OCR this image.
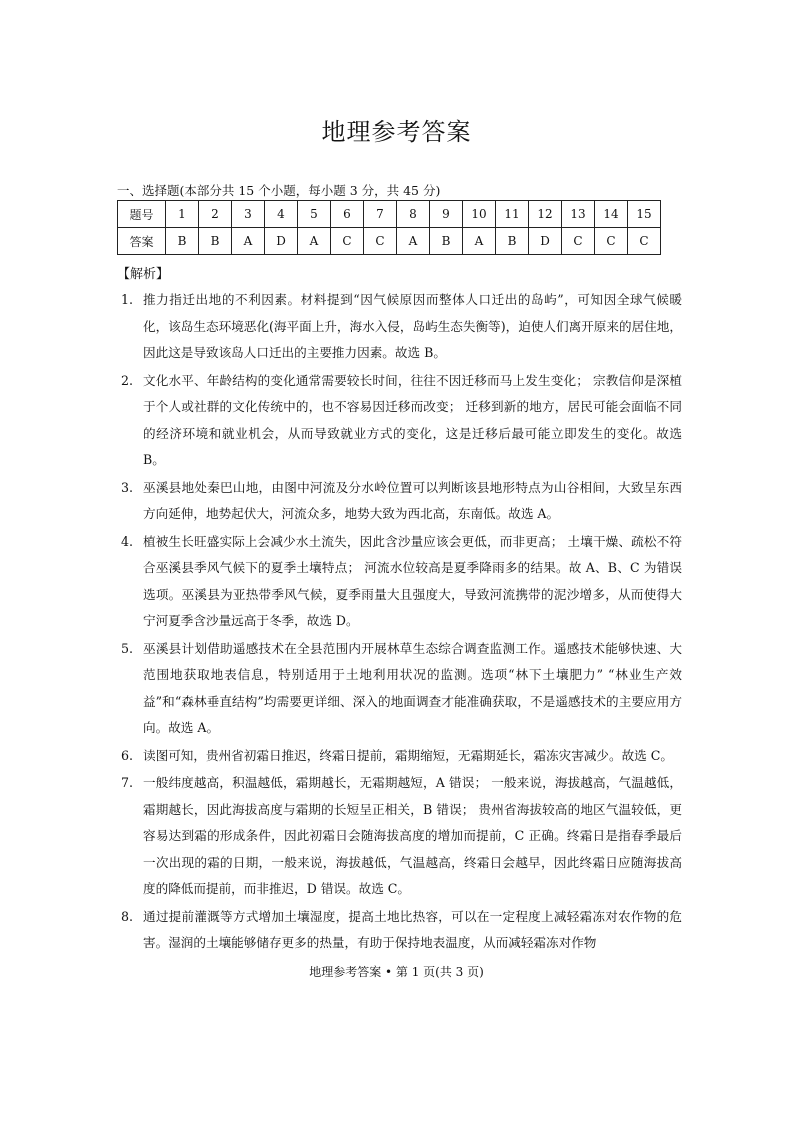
地理参考答案
一、选择题(本部分共 15 个小题，每小题 3 分，共 45 分)
题号	1	2	3	4	5	6	7	8	9	10	11	12	13	14	15
答案	B	B	A	D	A	C	C	A	B	A	B	D	C	C	C
【解析】
1. 推力指迁出地的不利因素。材料提到“因气候原因而整体人口迁出的岛屿”，可知因全球气候暖化，该岛生态环境恶化(海平面上升，海水入侵，岛屿生态失衡等)，迫使人们离开原来的居住地，因此这是导致该岛人口迁出的主要推力因素。故选 B。
2. 文化水平、年龄结构的变化通常需要较长时间，往往不因迁移而马上发生变化； 宗教信仰是深植于个人或社群的文化传统中的，也不容易因迁移而改变； 迁移到新的地方，居民可能会面临不同的经济环境和就业机会，从而导致就业方式的变化，这是迁移后最可能立即发生的变化。故选 B。
3. 巫溪县地处秦巴山地，由图中河流及分水岭位置可以判断该县地形特点为山谷相间，大致呈东西方向延伸，地势起伏大，河流众多，地势大致为西北高，东南低。故选 A。
4. 植被生长旺盛实际上会减少水土流失，因此含沙量应该会更低，而非更高； 土壤干燥、疏松不符合巫溪县季风气候下的夏季土壤特点； 河流水位较高是夏季降雨多的结果。故 A、B、C 为错误选项。巫溪县为亚热带季风气候，夏季雨量大且强度大，导致河流携带的泥沙增多，从而使得大宁河夏季含沙量远高于冬季，故选 D。
5. 巫溪县计划借助遥感技术在全县范围内开展林草生态综合调查监测工作。遥感技术能够快速、大范围地获取地表信息，特别适用于土地利用状况的监测。选项“林下土壤肥力” “林业生产效益”和“森林垂直结构”均需要更详细、深入的地面调查才能准确获取，不是遥感技术的主要应用方向。故选 A。
6. 读图可知，贵州省初霜日推迟，终霜日提前，霜期缩短，无霜期延长，霜冻灾害减少。故选 C。
7. 一般纬度越高，积温越低，霜期越长，无霜期越短，A 错误； 一般来说，海拔越高，气温越低，霜期越长，因此海拔高度与霜期的长短呈正相关，B 错误； 贵州省海拔较高的地区气温较低，更容易达到霜的形成条件，因此初霜日会随海拔高度的增加而提前，C 正确。终霜日是指春季最后一次出现的霜的日期，一般来说，海拔越低，气温越高，终霜日会越早，因此终霜日应随海拔高度的降低而提前，而非推迟，D 错误。故选 C。
8. 通过提前灌溉等方式增加土壤湿度，提高土地比热容，可以在一定程度上减轻霜冻对农作物的危害。湿润的土壤能够储存更多的热量，有助于保持地表温度，从而减轻霜冻对作物
地理参考答案 • 第 1 页(共 3 页)
